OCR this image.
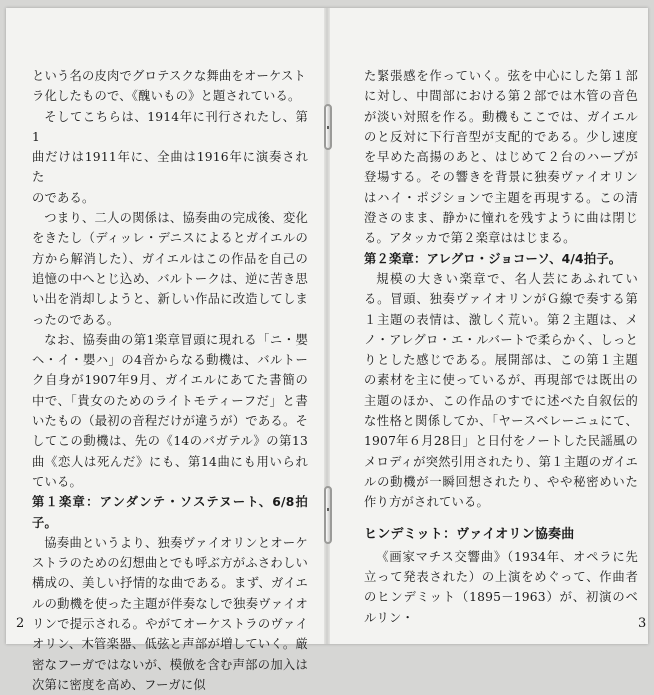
という名の皮肉でグロテスクな舞曲をオーケスト

ラ化したもので、《醜いもの》と題されている。

そしてこちらは、1914年に刊行されたし、第1

曲だけは1911年に、全曲は1916年に演奏された

のである。

つまり、二人の関係は、協奏曲の完成後、変化をきたし（ディッレ・デニスによるとガイエルの方から解消した）、ガイエルはこの作品を自己の追憶の中へとじ込め、バルトークは、逆に苦き思い出を消却しようと、新しい作品に改造してしまったのである。

なお、協奏曲の第1楽章冒頭に現れる「ニ・嬰ヘ・イ・嬰ハ」の4音からなる動機は、バルトーク自身が1907年9月、ガイエルにあてた書簡の中で、「貴女のためのライトモティーフだ」と書いたもの（最初の音程だけが違うが）である。そしてこの動機は、先の《14のバガテル》の第13曲《恋人は死んだ》にも、第14曲にも用いられている。

第１楽章：アンダンテ・ソステヌート、6/8拍子。

協奏曲というより、独奏ヴァイオリンとオーケストラのための幻想曲とでも呼ぶ方がふさわしい構成の、美しい抒情的な曲である。まず、ガイエルの動機を使った主題が伴奏なしで独奏ヴァイオリンで提示される。やがてオーケストラのヴァイオリン、木管楽器、低弦と声部が増していく。厳密なフーガではないが、模倣を含む声部の加入は次第に密度を高め、フーガに似

2

た緊張感を作っていく。弦を中心にした第１部に対し、中間部における第２部では木管の音色が淡い対照を作る。動機もここでは、ガイエルのと反対に下行音型が支配的である。少し速度を早めた高揚のあと、はじめて２台のハープが登場する。その響きを背景に独奏ヴァイオリンはハイ・ポジションで主題を再現する。この清澄さのまま、静かに憧れを残すように曲は閉じる。アタッカで第２楽章ははじまる。

第２楽章：アレグロ・ジョコーソ、4/4拍子。

規模の大きい楽章で、名人芸にあふれている。冒頭、独奏ヴァイオリンがＧ線で奏する第１主題の表情は、激しく荒い。第２主題は、メノ・アレグロ・エ・ルバートで柔らかく、しっとりとした感じである。展開部は、この第１主題の素材を主に使っているが、再現部では既出の主題のほか、この作品のすでに述べた自叙伝的な性格と関係してか、「ヤースベレーニュにて、1907年６月28日」と日付をノートした民謡風のメロディが突然引用されたり、第１主題のガイエルの動機が一瞬回想されたり、やや秘密めいた作り方がされている。

ヒンデミット：ヴァイオリン協奏曲

《画家マチス交響曲》（1934年、オペラに先立って発表された）の上演をめぐって、作曲者のヒンデミット（1895－1963）が、初演のベルリン・	3
